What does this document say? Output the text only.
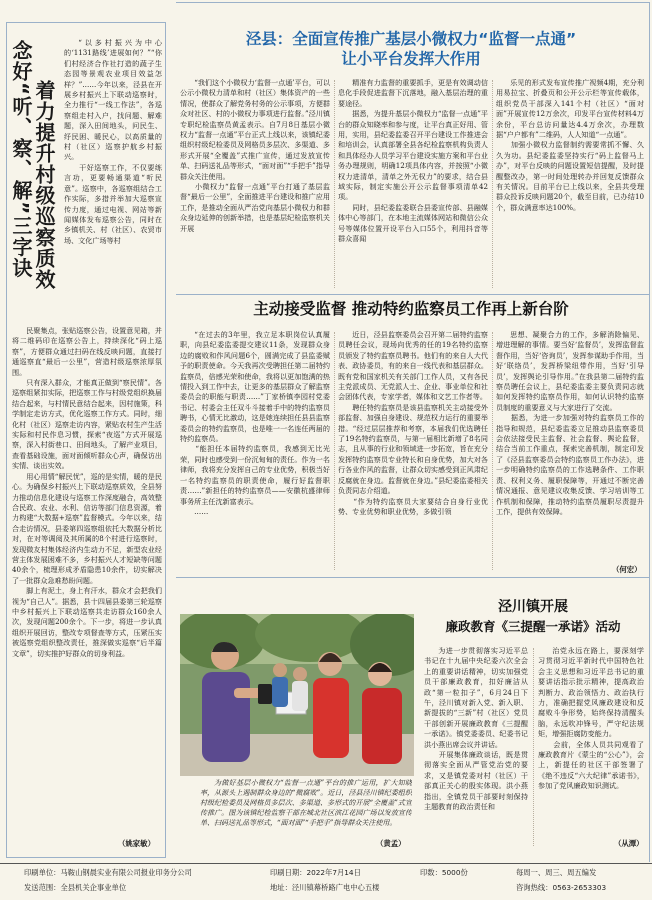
着力提升村级巡察质效
念好“听、察、解”三字诀	“以多村振兴为中心的‘1131路线’进展如何？”“你们村经济合作社打造的蔬子生态园等景观农业项目效益怎样？”……今年以来，泾县在开展乡村振兴上下联动巡察时，全力推行“一线工作法”，各巡察组走村入户，找问题、解难题，深入田间地头，问民生、纾民困、暖民心，以高质量的村（社区）巡察护航乡村振兴。
　　干好巡察工作，不仅要练言功，更要畅通渠道“听民意”。巡察中，各巡察组结合工作实际，多措并举加大巡察宣传力度，通过电视、网站等新闻媒体发布巡察公告，同时在乡镇机关、村（社区）、农贸市场、文化广场等村
民聚集点，张贴巡察公告，设置意见箱，并将二维码印在巡察公告上，持续深化“码上巡察”，方便群众通过扫码在线反映问题，直接打通巡察直“最后一公里”，营造村级巡察浓厚氛围。
　　只有深入群众，才能真正做到“察民情”。各巡察组紧扣实际，把巡察工作与村级党组织换届结合起来，与村情民意结合起来，因村施策，科学制定走访方式，优化巡察工作方式。同时，细化村（社区）巡察走访内容，紧贴农村生产生活实际和村民作息习惯，探索“夜巡”方式开展巡察，深入村街巷口、田间地头，了解产业项目，查看基础设施，面对面倾听群众心声，确保访出实情、谈出实效。
　　用心用情“解民忧”，巡的是实情，暖的是民心。为确保乡村振兴上下联动巡察质效，全县努力推动信息化建设与巡察工作深度融合，高效整合民政、农业、水利、信访等部门信息资源，着力构建“大数据+巡察”监督模式。今年以来，结合走访情况，县委第四巡察组依托大数据分析比对，在对等调阅及其所属的8个村进行巡察时，发现微友村集体经济内生动力不足，新型农业经营主体发展困难不多，乡村振兴人才短缺等问题40余个，梳理形成矛盾隐患10余件，切实解决了一批群众急难愁盼问题。
　　脚上有泥土，身上有汗水，群众才会把我们视为“自己人”。据悉，县十四届县委第三轮巡察中乡村振兴上下联动巡察共走访群众160余人次，发现问题200余个。下一步，将进一步认真组织开展回访，整改专项督查等方式，压紧压实被巡察党组织整改责任，推深做实巡察“后半篇文章”，切实推护好群众的切身利益。
（姚家敏）
泾县：全面宣传推广基层小微权力“监督一点通”
让小平台发挥大作用
“我们这个小微权力‘监督一点通’平台，可以公示小微权力清单和村（社区）集体资产的一些情况，使群众了解党务村务的公示事项，方便群众对社区、村的小微权力事项进行监督。”泾川镇专职纪检监察员黄孟表示。自7月8日基层小微权力“监督一点通”平台正式上线以来，该镇纪委组织村级纪检委员及网格员多层次、多渠道、多形式开展“全覆盖”式推广宣传，通过发放宣传单、扫码送礼品等形式，“面对面”“手把手”指导群众关注使用。
　　小微权力“监督一点通”平台打通了基层监督“最后一公里”，全面推进平台建设和推广应用工作，是推动全面从严治党向基层小微权力和群众身边延伸的创新举措，也是基层纪检监察机关开展
精准有力监督的重要抓手，更是有效调动信息化手段促进监督下沉落地，融入基层治理的重要途径。
　　据悉，为提升基层小微权力“监督一点通”平台的群众知晓率和参与度，让平台真正好用、管用，实用，县纪委监委召开平台建设工作推进会和培训会，认真部署全县各纪检监察机构负责人和具体经办人员学习平台建设实施方案和平台业务办理规则，明确12项具体内容，并按照“小微权力进清单，清单之外无权力”的要求，结合县域实际，制定实施公开公示监督事项清单42项。
　　同时，县纪委监委联合县委宣传部、县融媒体中心等部门，在本地主流媒体网站和微信公众号等媒体位置开设平台入口55个，利用抖音等群众喜闻
乐见的形式发布宣传推广视频4期，充分利用易拉宝、折叠页和公开公示栏等宣传载体，组织党员干部深入141个村（社区）“面对面”开展宣传12万余次，印发平台宣传材料4万余份，平台总访问量达4.4万余次，办理数据“户户都有”二维码，人人知道“一点通”。
　　加强小微权力监督制约需要常抓不懈、久久为功。县纪委监委坚持实行“码上监督马上办”，对平台反映的问题设置短信提醒，及时提醒整改办，第一时间处理转办并回复反馈群众有关情况。目前平台已上线以来，全县共受理群众投诉反映问题20个，截至目前，已办结10个，群众满意率达100%。
主动接受监督 推动特约监察员工作再上新台阶
“在过去的3年里，我立足本职岗位认真履职，向县纪委监委提交建议11条，发现群众身边的腐败和作风问题6个，圆满完成了县监委赋予的职责使命。今天我再次受聘担任第二届特约监察员，倍感光荣和使命，我将以更加饱满的热情投入到工作中去，让更多的基层群众了解监察委员会的职能与职责……”丁家桥镇李园村党委书记、村委会主任双斗斗接着手中的特约监察员聘书，心情无比激动，这是她连续担任县县监察委员会的特约监察员，也是唯一一名连任两届的特约监察员。
　　“能担任本届特约监察员，我感到无比光荣，同时也感受到一份沉甸甸的责任。作为一名律师，我将充分发挥自己的专业优势，积极当好一名特约监察员的职责使命，履行好监督职责……”新担任的特约监察员——安徽杭盛律师事务所主任沈新富表示。
　　……
近日，泾县监察委员会召开第二届特约监察员聘任会议，现场向优秀的任的19名特约监察员颁发了特约监察员聘书。他们有的来自人大代表、政协委员，有的来自一线代表和基层群众。既有党和国家机关有关部门工作人员，又有各民主党派成员、无党派人士、企业、事业单位和社会团体代表，专家学者，媒体和文艺工作者等。
　　聘任特约监察员是该县监察机关主动接受外部监督、加强自身建设、规范权力运行的重要举措。“经过层层推荐和考察，本届我们优选聘任了19名特约监察员，与第一届相比新增了8名同志，且从事的行业和领域进一步拓宽，旨在充分发挥特约监察员专业特长和自身优势，加大对各行各业作风的监督，让群众切实感受到正风肃纪反腐就在身边。监督就在身边。”县纪委监委相关负责同志介绍道。
　　“作为特约监察员大家要结合自身行业优势、专业优势和职业优势，多做引领
思想、凝聚合力的工作，多解消除偏见、增进理解的事情。要当好‘监督员’，发挥监督监督作用，当好‘咨询员’，发挥参谋助手作用，当好‘联络员’，发挥桥梁纽带作用，当好‘引导员’，发挥舆论引导作用。”在我县第二届特约监察员聘任会议上，县纪委监委主要负责同志就如何发挥特约监察员作用，如何认识特约监察员制度的重要意义与大家进行了交流。
　　据悉，为进一步加强对特约监察员工作的指导和规范，县纪委监委立足推动县监察委员会依法接受民主监督、社会监督、舆论监督，结合当前工作重点，探索完善机制，制定印发了《泾县监察委员会特约监察员工作办法》，进一步明确特约监察员的工作选聘条件、工作职责、权利义务、履职保障等，开通过不断完善情况通报、意见建议收集反馈、学习培训等工作机制和保障，推动特约监察员履职尽责提升工作，提供有效保障。
（何宏）
为做好基层小微权力“监督一点通”平台的推广运用，扩大知晓率，从源头上遏制群众身边的“微腐败”。近日，泾县泾川镇纪委组织村级纪检委员及网格员多层次、多渠道、多形式的开展“全覆盖”式宣传推广。图为该镇纪检监察干部在城北社区滨江花园广场以发放宣传单、扫码送礼品等形式，“面对面”“手把手”指导群众关注使用。
（黄孟）
泾川镇开展
廉政教育《三提醒一承诺》活动
为进一步贯彻落实习近平总书记在十九届中央纪委六次全会上的重要讲话精神，切实加强党员干部廉政教育，扣好廉洁从政“第一粒扣子”，6月24日下午，泾川镇对新入党、新入职、新提拔的“三新”村（社区）党员干部创新开展廉政教育《三提醒一承诺》。镇党委委员、纪委书记洪小燕出席会议并讲话。
　　开展集体廉政谈话，既是贯彻落实全面从严管党治党的要求，又是镇党委对村（社区）干部真正关心的殷实体现。洪小燕指出，全镇党员干部要时刻保持主题教育的政治责任和
治党永远在路上，要深刻学习贯彻习近平新时代中国特色社会主义思想和习近平总书记的重要讲话指示批示精神，提高政治判断力、政治领悟力、政治执行力，准确把握党风廉政建设和反腐败斗争形势，始终保持清醒头脑，永远吹冲锋号，严守纪法规矩，增强拒腐防变能力。
　　会前，全体人员共同观看了廉政教育片《蒙尘的“公心”》，会上，新提任的社区干部签署了《绝不违反“六大纪律”承诺书》，参加了党风廉政知识测试。
（从潭）
印刷单位：马鞍山钢晨实业有限公司报业印务分公司
发送范围：全县机关企事业单位
印刷日期：2022年7月14日	印数：5000份
地址：泾川镇幕桥路广电中心五楼
每周一、周三、周五编发
咨询热线：0563-2653303
